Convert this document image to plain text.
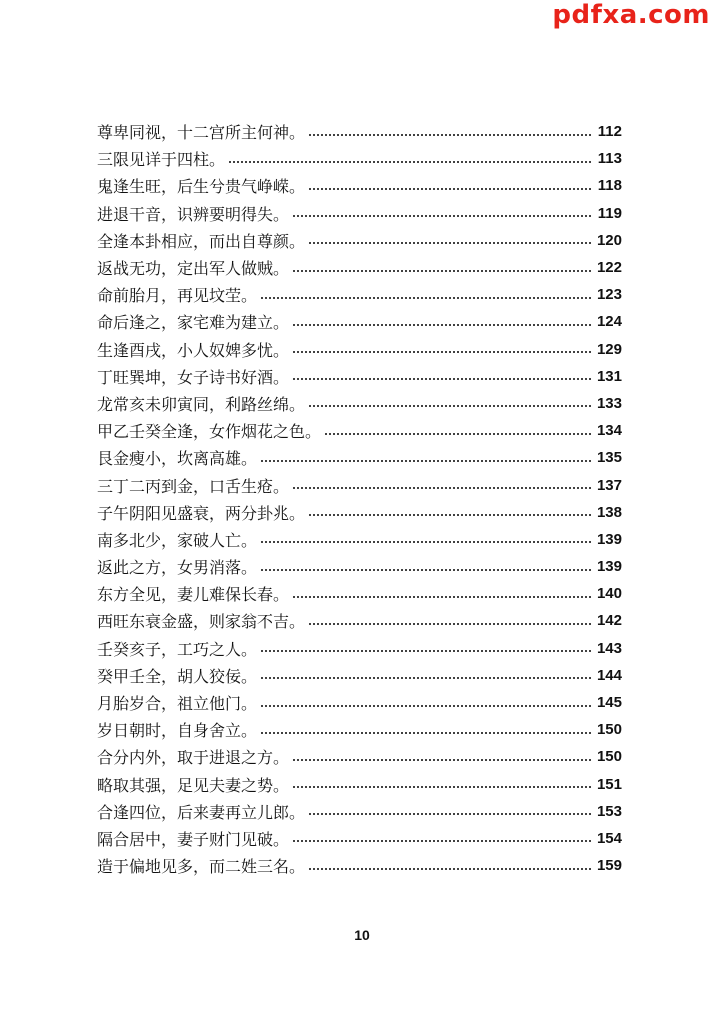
pdfxa.com
尊卑同视，十二宫所主何神。	112
三限见详于四柱。	113
鬼逢生旺，后生兮贵气峥嵘。	118
进退干音，识辨要明得失。	119
全逢本卦相应，而出自尊颜。	120
返战无功，定出军人做贼。	122
命前胎月，再见坟茔。	123
命后逢之，家宅难为建立。	124
生逢酉戌，小人奴婢多忧。	129
丁旺巽坤，女子诗书好酒。	131
龙常亥未卯寅同，利路丝绵。	133
甲乙壬癸全逢，女作烟花之色。	134
艮金瘦小，坎离高雄。	135
三丁二丙到金，口舌生疮。	137
子午阴阳见盛衰，两分卦兆。	138
南多北少，家破人亡。	139
返此之方，女男消落。	139
东方全见，妻儿难保长春。	140
西旺东衰金盛，则家翁不吉。	142
壬癸亥子，工巧之人。	143
癸甲壬全，胡人狡佞。	144
月胎岁合，祖立他门。	145
岁日朝时，自身舍立。	150
合分内外，取于进退之方。	150
略取其强，足见夫妻之势。	151
合逢四位，后来妻再立儿郎。	153
隔合居中，妻子财门见破。	154
造于偏地见多，而二姓三名。	159
10
